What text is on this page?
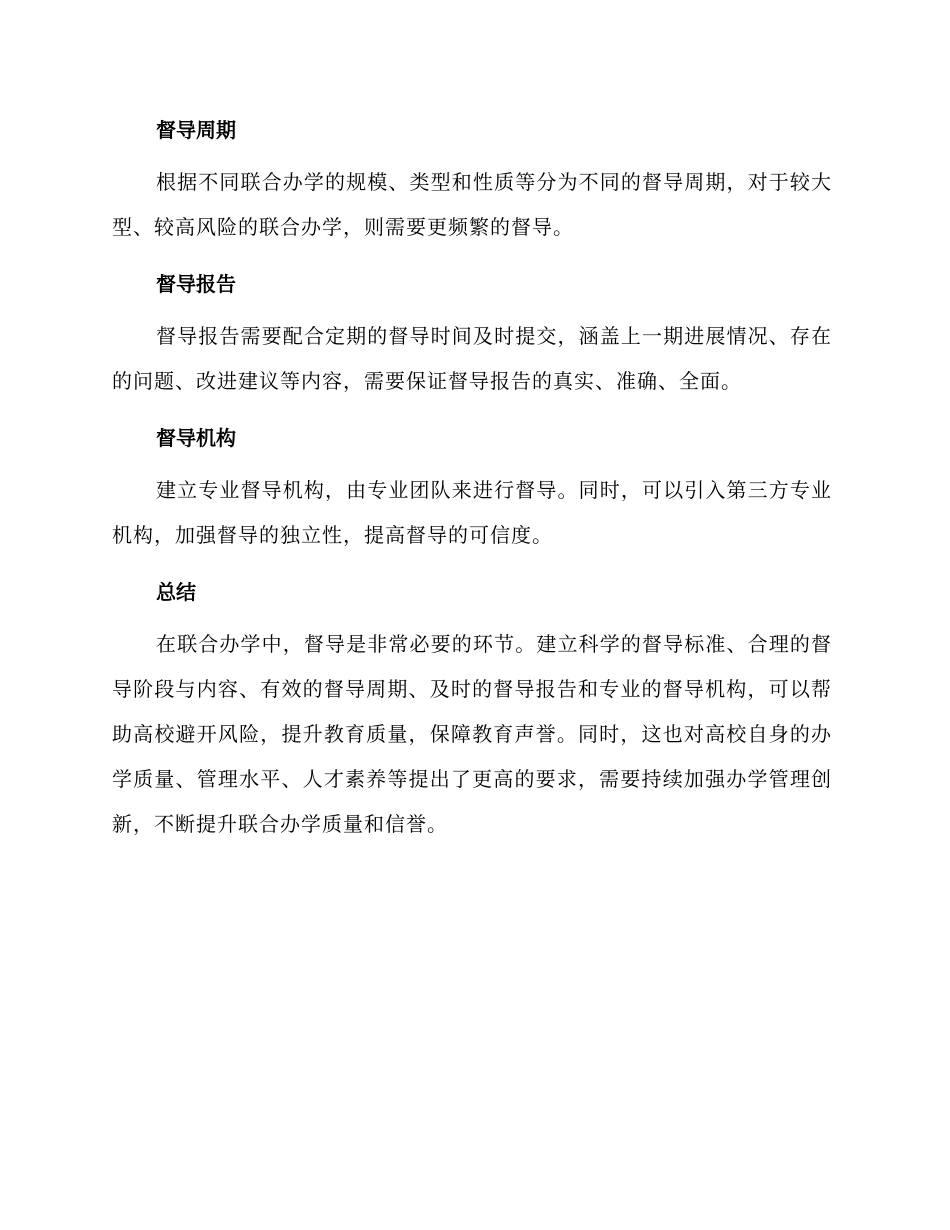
督导周期
根据不同联合办学的规模、类型和性质等分为不同的督导周期，对于较大型、较高风险的联合办学，则需要更频繁的督导。
督导报告
督导报告需要配合定期的督导时间及时提交，涵盖上一期进展情况、存在的问题、改进建议等内容，需要保证督导报告的真实、准确、全面。
督导机构
建立专业督导机构，由专业团队来进行督导。同时，可以引入第三方专业机构，加强督导的独立性，提高督导的可信度。
总结
在联合办学中，督导是非常必要的环节。建立科学的督导标准、合理的督导阶段与内容、有效的督导周期、及时的督导报告和专业的督导机构，可以帮助高校避开风险，提升教育质量，保障教育声誉。同时，这也对高校自身的办学质量、管理水平、人才素养等提出了更高的要求，需要持续加强办学管理创新，不断提升联合办学质量和信誉。
